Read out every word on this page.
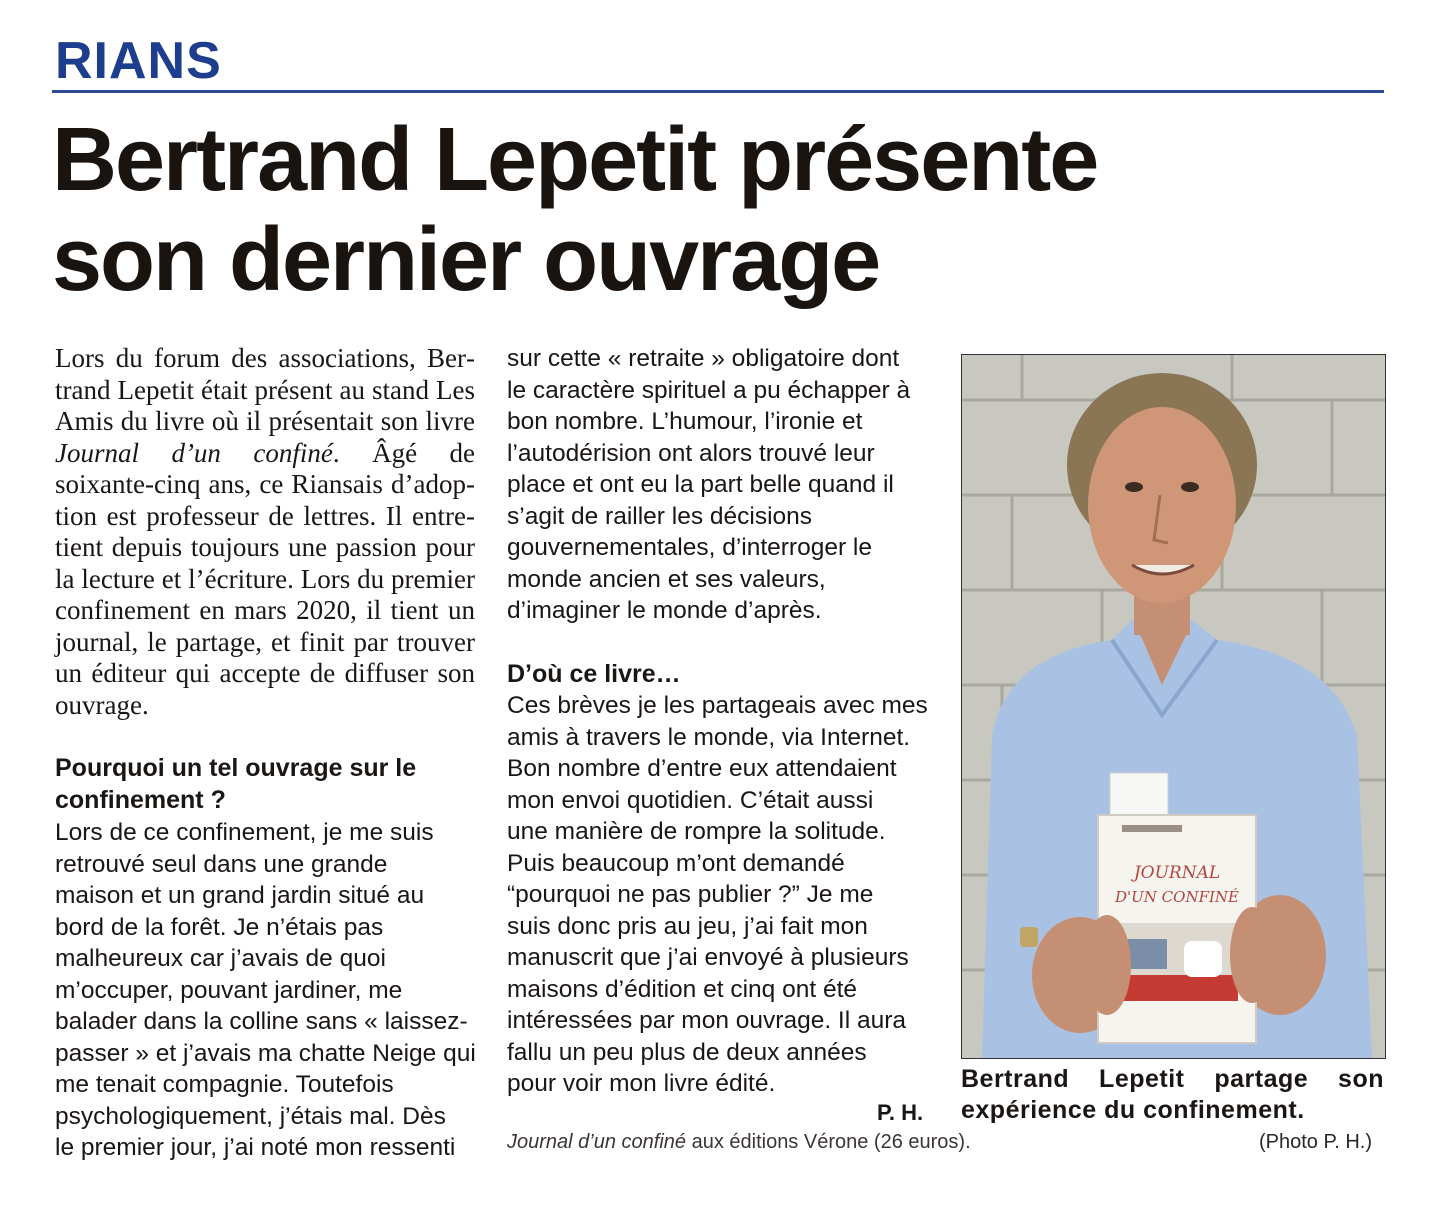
RIANS
Bertrand Lepetit présente
son dernier ouvrage

Lors du forum des associations, Bertrand Lepetit était présent au stand Les Amis du livre où il présentait son livre Journal d’un confiné. Âgé de soixante-cinq ans, ce Riansais d’adoption est professeur de lettres. Il entretient depuis toujours une passion pour la lecture et l’écriture. Lors du premier confinement en mars 2020, il tient un journal, le partage, et finit par trouver un éditeur qui accepte de diffuser son ouvrage.

Pourquoi un tel ouvrage sur le
confinement ?
Lors de ce confinement, je me suis
retrouvé seul dans une grande
maison et un grand jardin situé au
bord de la forêt. Je n’étais pas
malheureux car j’avais de quoi
m’occuper, pouvant jardiner, me
balader dans la colline sans « laissez-
passer » et j’avais ma chatte Neige qui
me tenait compagnie. Toutefois
psychologiquement, j’étais mal. Dès
le premier jour, j’ai noté mon ressenti
sur cette « retraite » obligatoire dont
le caractère spirituel a pu échapper à
bon nombre. L’humour, l’ironie et
l’autodérision ont alors trouvé leur
place et ont eu la part belle quand il
s’agit de railler les décisions
gouvernementales, d’interroger le
monde ancien et ses valeurs,
d’imaginer le monde d’après.
D’où ce livre…
Ces brèves je les partageais avec mes
amis à travers le monde, via Internet.
Bon nombre d’entre eux attendaient
mon envoi quotidien. C’était aussi
une manière de rompre la solitude.
Puis beaucoup m’ont demandé
“pourquoi ne pas publier ?” Je me
suis donc pris au jeu, j’ai fait mon
manuscrit que j’ai envoyé à plusieurs
maisons d’édition et cinq ont été
intéressées par mon ouvrage. Il aura
fallu un peu plus de deux années
pour voir mon livre édité.
P. H.
Journal d’un confiné aux éditions Vérone (26 euros).
JOURNAL
D'UN CONFINÉ
Bertrand Lepetit partage son expérience du confinement.
(Photo P. H.)
